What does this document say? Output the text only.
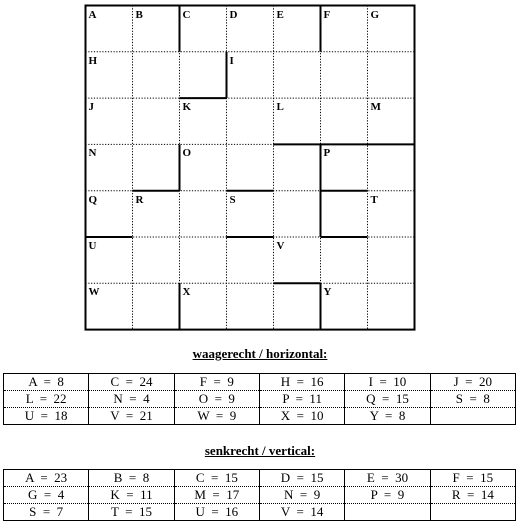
A	B	C	D	E	F	G
H	I
J	K	L	M
N	O	P
Q	R	S	T
U	V
W	X	Y
waagerecht / horizontal:
A  =  8	C  =  24	F  =  9	H  =  16	I  =  10	J  =  20
L  =  22	N  =  4	O  =  9	P  =  11	Q  =  15	S  =  8
U  =  18	V  =  21	W  =  9	X  =  10	Y  =  8	
senkrecht / vertical:
A  =  23	B  =  8	C  =  15	D  =  15	E  =  30	F  =  15
G  =  4	K  =  11	M  =  17	N  =  9	P  =  9	R  =  14
S  =  7	T  =  15	U  =  16	V  =  14		
